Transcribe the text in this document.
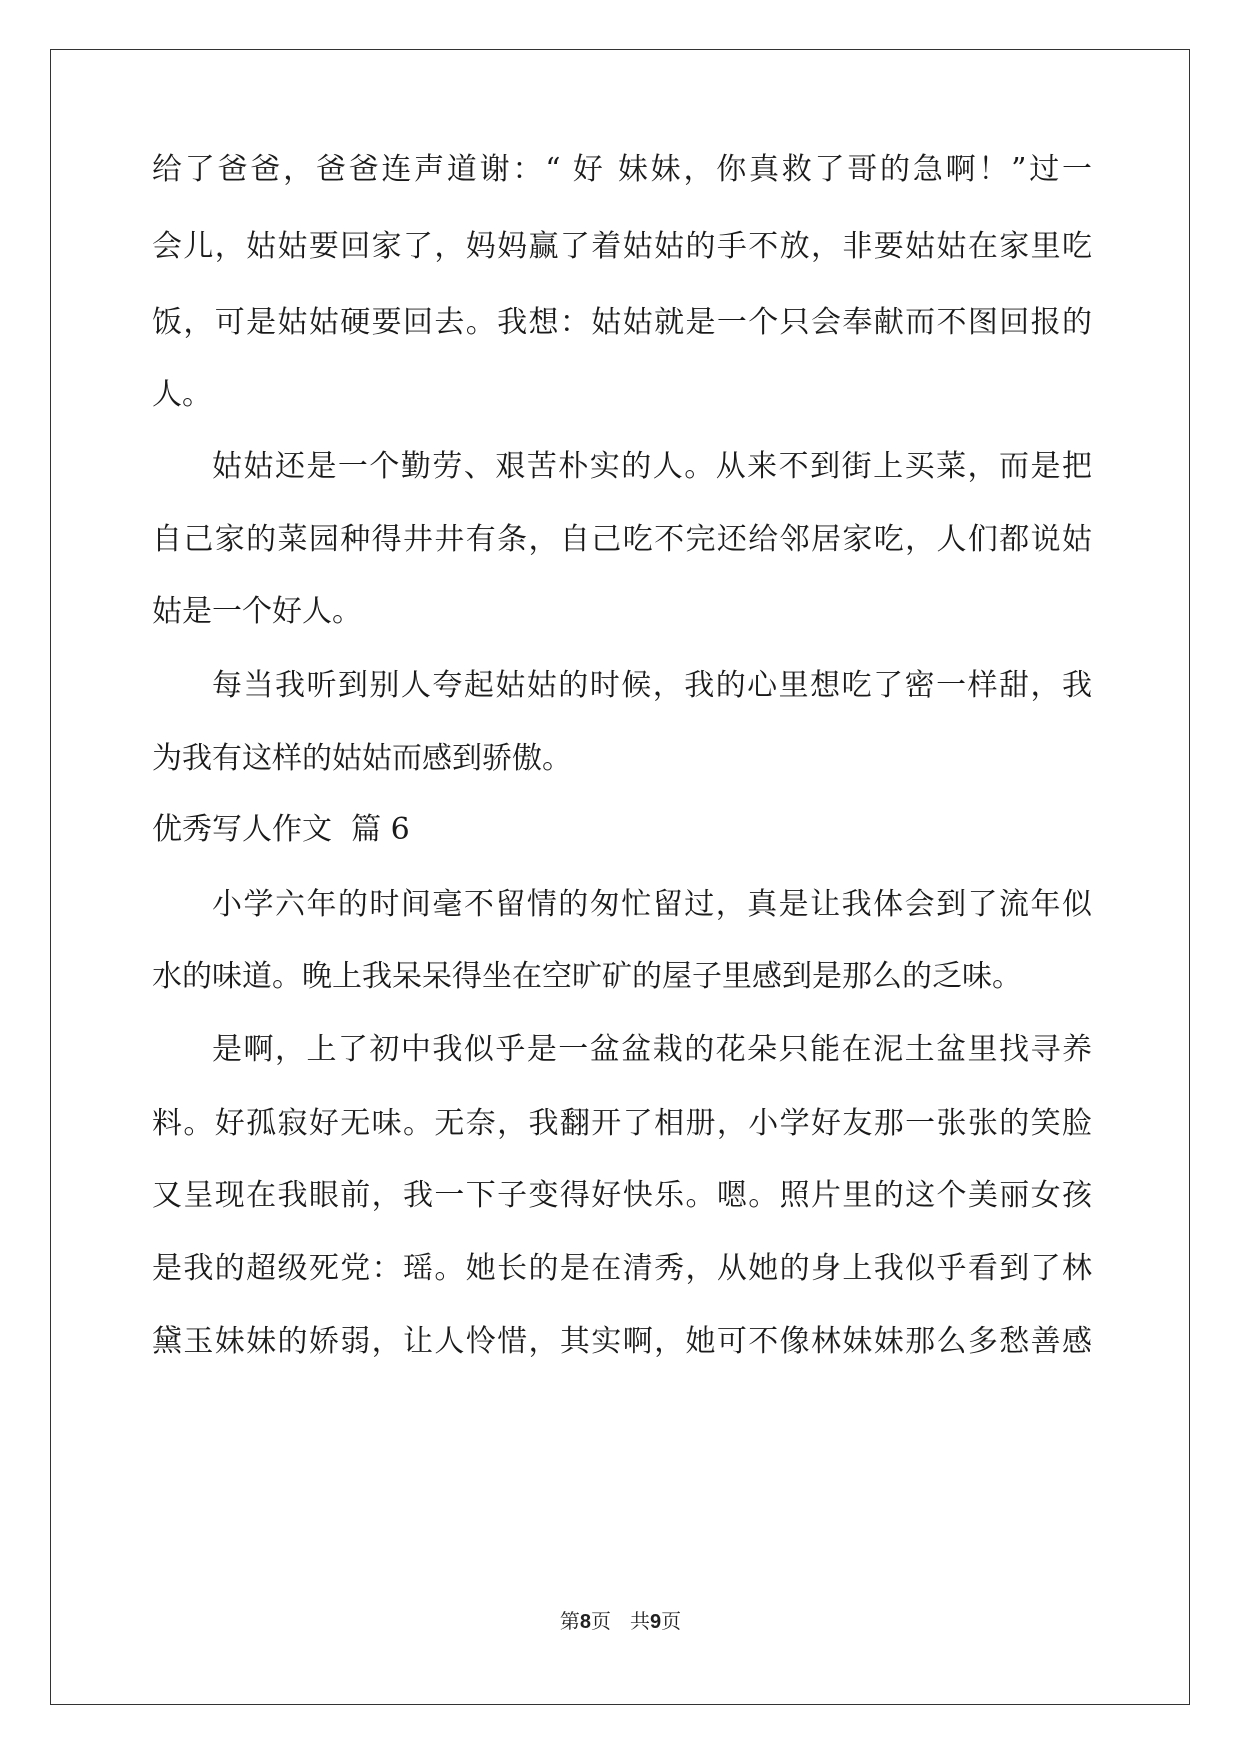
给了爸爸，爸爸连声道谢：“ 好 妹妹，你真救了哥的急啊！”过一
会儿，姑姑要回家了，妈妈赢了着姑姑的手不放，非要姑姑在家里吃
饭，可是姑姑硬要回去。我想：姑姑就是一个只会奉献而不图回报的
人。
姑姑还是一个勤劳、艰苦朴实的人。从来不到街上买菜，而是把
自己家的菜园种得井井有条，自己吃不完还给邻居家吃，人们都说姑
姑是一个好人。
每当我听到别人夸起姑姑的时候，我的心里想吃了密一样甜，我
为我有这样的姑姑而感到骄傲。
优秀写人作文  篇 6
小学六年的时间毫不留情的匆忙留过，真是让我体会到了流年似
水的味道。晚上我呆呆得坐在空旷矿的屋子里感到是那么的乏味。
是啊，上了初中我似乎是一盆盆栽的花朵只能在泥土盆里找寻养
料。好孤寂好无味。无奈，我翻开了相册，小学好友那一张张的笑脸
又呈现在我眼前，我一下子变得好快乐。嗯。照片里的这个美丽女孩
是我的超级死党：瑶。她长的是在清秀，从她的身上我似乎看到了林
黛玉妹妹的娇弱，让人怜惜，其实啊，她可不像林妹妹那么多愁善感
第8页   共9页
